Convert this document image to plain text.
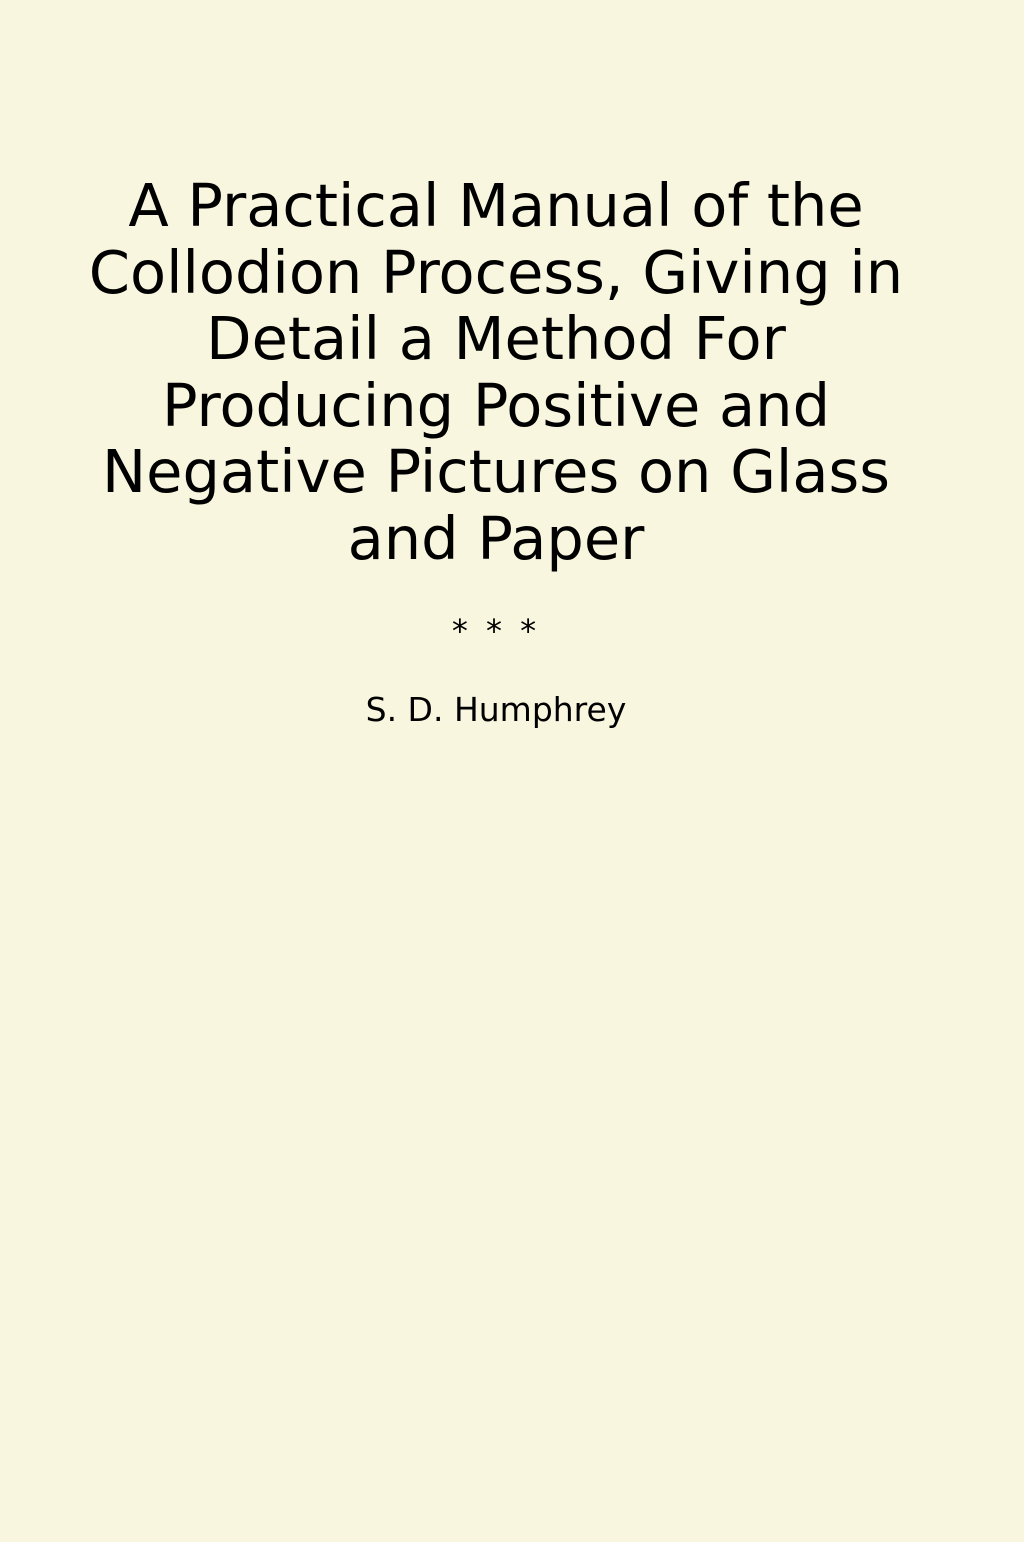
A Practical Manual of the
Collodion Process, Giving in
Detail a Method For
Producing Positive and
Negative Pictures on Glass
and Paper
* * *
S. D. Humphrey
